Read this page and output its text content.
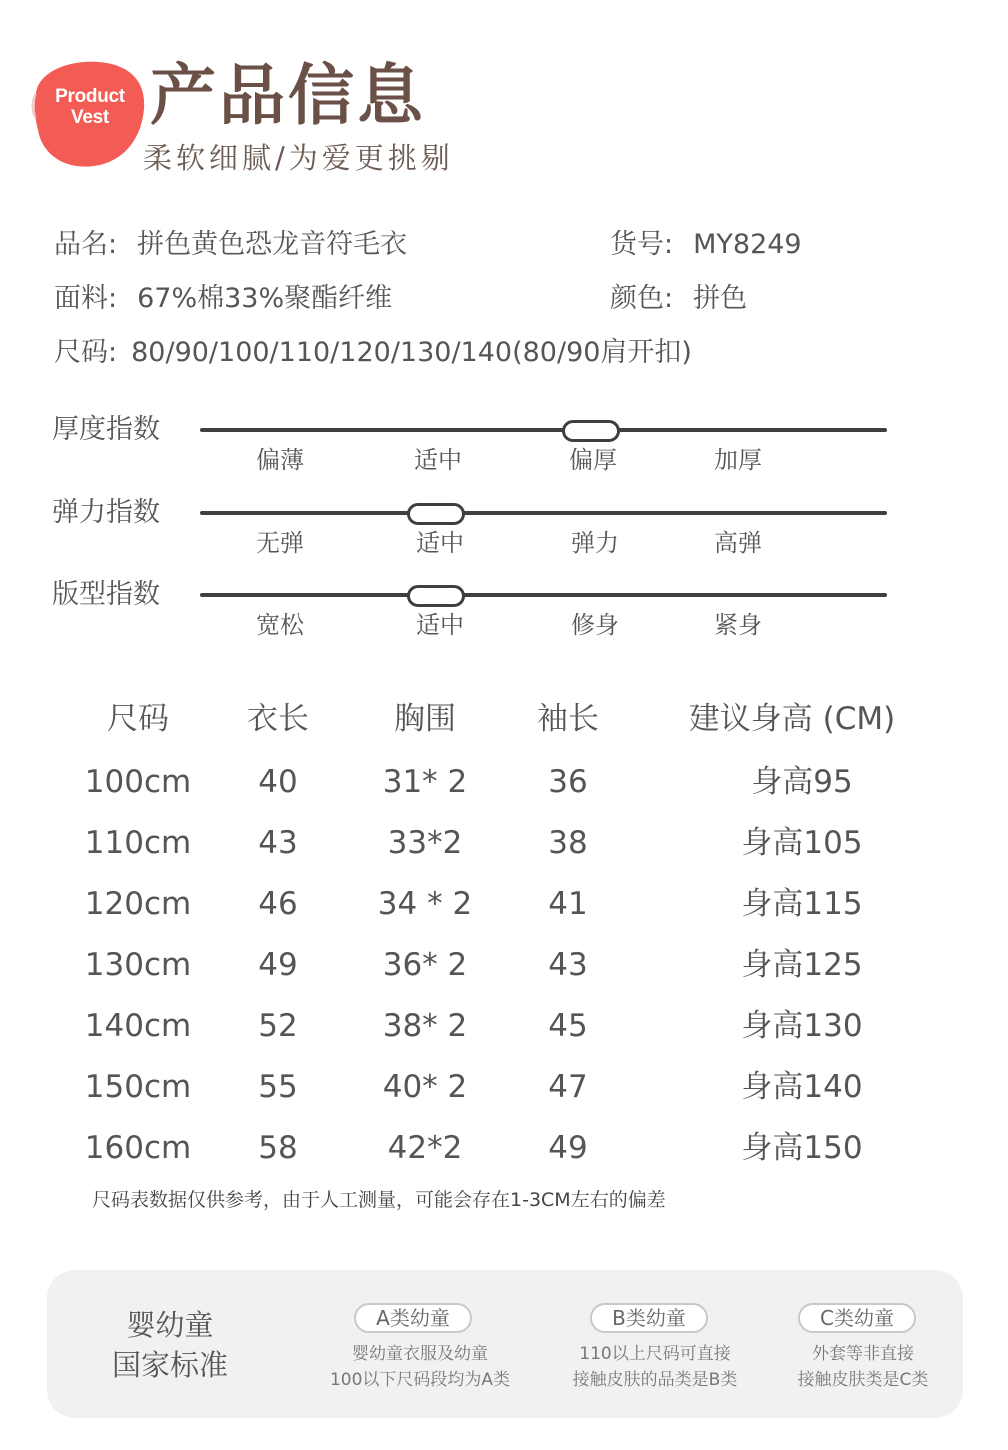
Product
Vest 产品信息
柔软细腻/为爱更挑剔
品名: 拼色黄色恐龙音符毛衣	货号: MY8249
面料: 67%棉33%聚酯纤维	颜色: 拼色
尺码: 80/90/100/110/120/130/140(80/90肩开扣)
厚度指数
偏薄	适中	偏厚	加厚
弹力指数
无弹	适中	弹力	高弹
版型指数
宽松	适中	修身	紧身
尺码	衣长	胸围	袖长	建议身高 (CM)
100cm	40	31* 2	36	身高95
110cm	43	33*2	38	身高105
120cm	46	34 * 2	41	身高115
130cm	49	36* 2	43	身高125
140cm	52	38* 2	45	身高130
150cm	55	40* 2	47	身高140
160cm	58	42*2	49	身高150
尺码表数据仅供参考，由于人工测量，可能会存在1-3CM左右的偏差
婴幼童
国家标准
A类幼童
婴幼童衣服及幼童
100以下尺码段均为A类
B类幼童
110以上尺码可直接
接触皮肤的品类是B类
C类幼童
外套等非直接
接触皮肤类是C类
